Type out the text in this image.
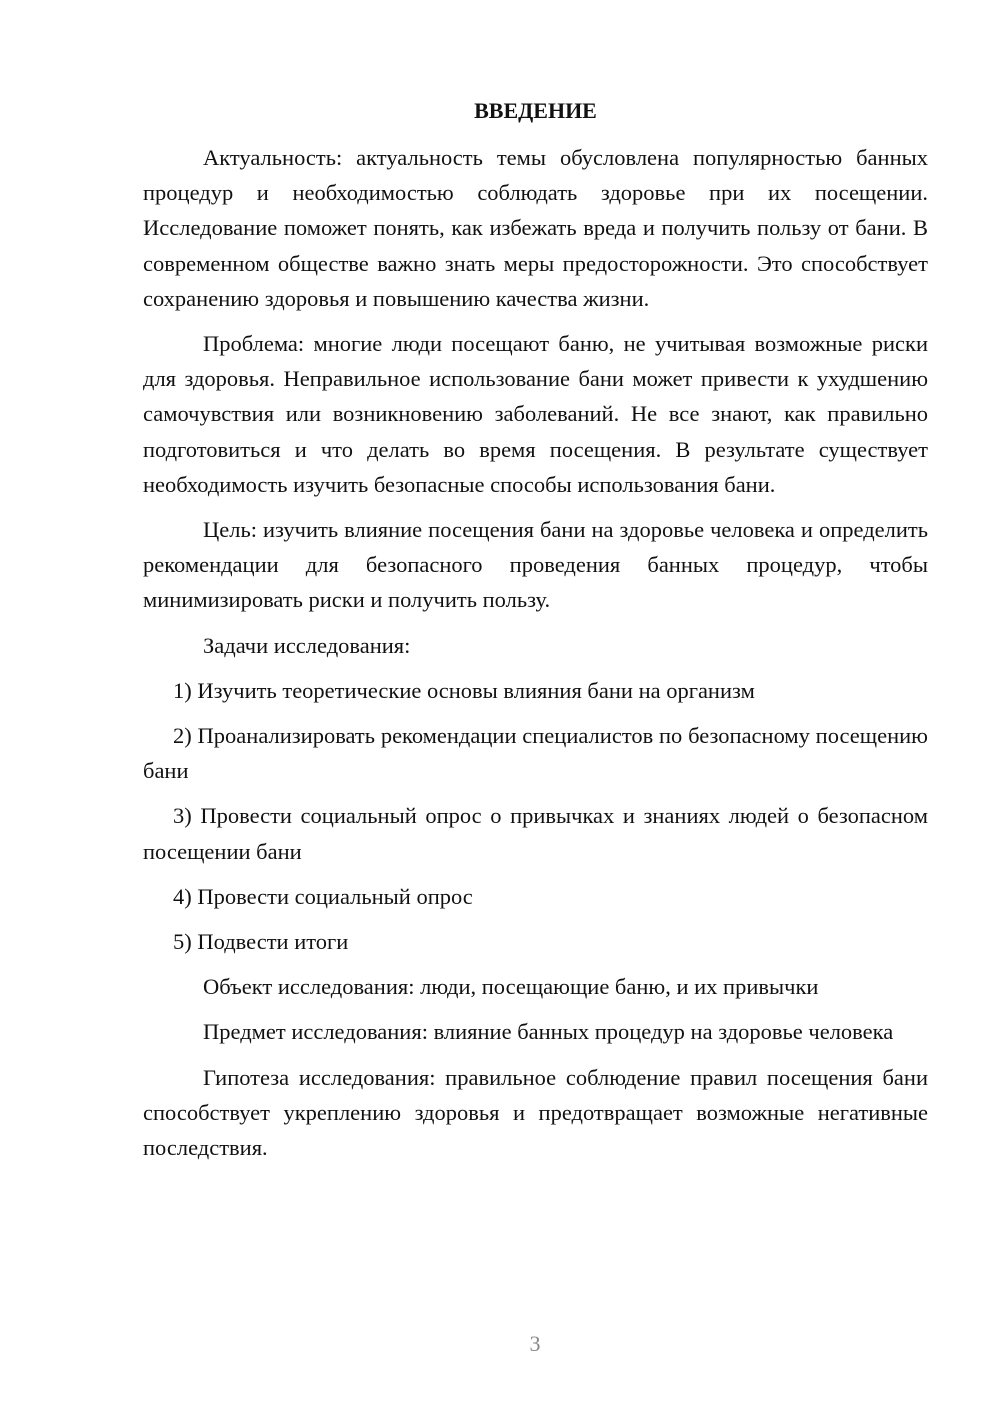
ВВЕДЕНИЕ

Актуальность: актуальность темы обусловлена популярностью банных процедур и необходимостью соблюдать здоровье при их посещении. Исследование поможет понять, как избежать вреда и получить пользу от бани. В современном обществе важно знать меры предосторожности. Это способствует сохранению здоровья и повышению качества жизни.

Проблема: многие люди посещают баню, не учитывая возможные риски для здоровья. Неправильное использование бани может привести к ухудшению самочувствия или возникновению заболеваний. Не все знают, как правильно подготовиться и что делать во время посещения. В результате существует необходимость изучить безопасные способы использования бани.

Цель: изучить влияние посещения бани на здоровье человека и определить рекомендации для безопасного проведения банных процедур, чтобы минимизировать риски и получить пользу.

Задачи исследования:

1) Изучить теоретические основы влияния бани на организм

2) Проанализировать рекомендации специалистов по безопасному посещению бани

3) Провести социальный опрос о привычках и знаниях людей о безопасном посещении бани

4) Провести социальный опрос

5) Подвести итоги

Объект исследования: люди, посещающие баню, и их привычки

Предмет исследования: влияние банных процедур на здоровье человека

Гипотеза исследования: правильное соблюдение правил посещения бани способствует укреплению здоровья и предотвращает возможные негативные последствия.

3
